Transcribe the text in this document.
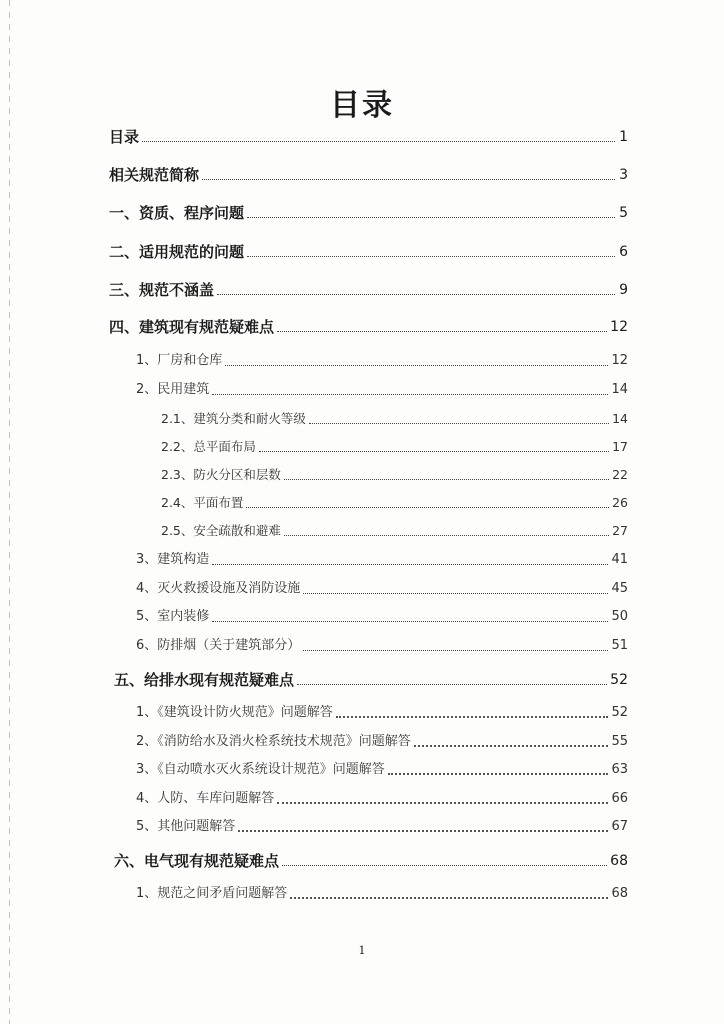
目录
目录	1
相关规范简称	3
一、资质、程序问题	5
二、适用规范的问题	6
三、规范不涵盖	9
四、建筑现有规范疑难点	12
1、厂房和仓库	12
2、民用建筑	14
2.1、建筑分类和耐火等级	14
2.2、总平面布局	17
2.3、防火分区和层数	22
2.4、平面布置	26
2.5、安全疏散和避难	27
3、建筑构造	41
4、灭火救援设施及消防设施	45
5、室内装修	50
6、防排烟（关于建筑部分）	51
五、给排水现有规范疑难点	52
1、《建筑设计防火规范》问题解答	52
2、《消防给水及消火栓系统技术规范》问题解答	55
3、《自动喷水灭火系统设计规范》问题解答	63
4、人防、车库问题解答	66
5、其他问题解答	67
六、电气现有规范疑难点	68
1、规范之间矛盾问题解答	68
1
